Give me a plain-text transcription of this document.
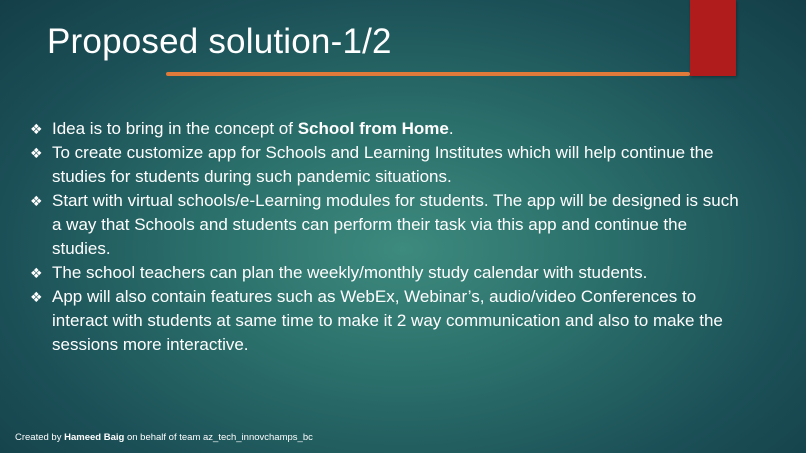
Proposed solution-1/2
❖ Idea is to bring in the concept of School from Home.
❖ To create customize app for Schools and Learning Institutes which will help continue the studies for students during such pandemic situations.
❖ Start with virtual schools/e-Learning modules for students. The app will be designed is such a way that Schools and students can perform their task via this app and continue the studies.
❖ The school teachers can plan the weekly/monthly study calendar with students.
❖ App will also contain features such as WebEx, Webinar’s, audio/video Conferences to interact with students at same time to make it 2 way communication and also to make the sessions more interactive.
Created by Hameed Baig on behalf of team az_tech_innovchamps_bc
